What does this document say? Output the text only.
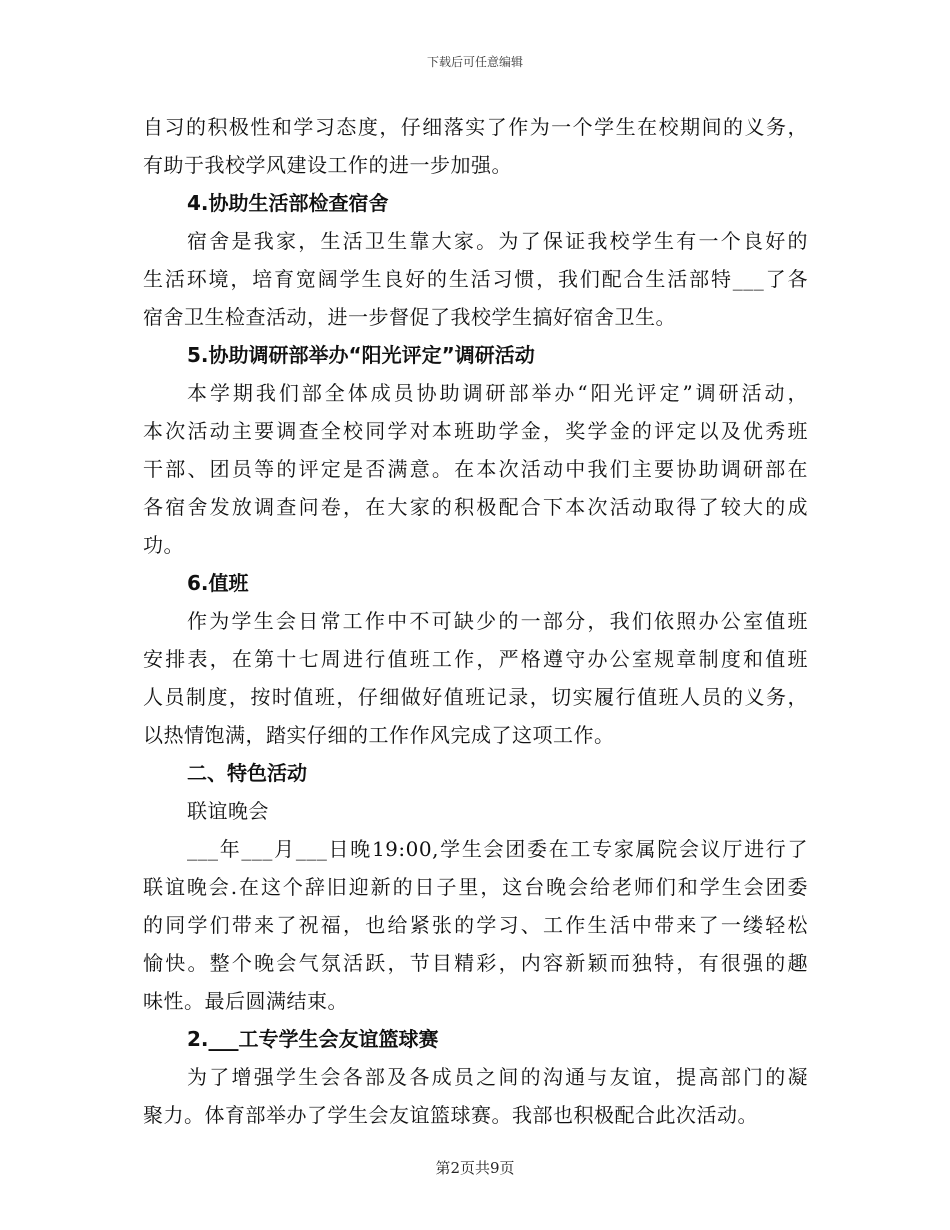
下载后可任意编辑
自习的积极性和学习态度，仔细落实了作为一个学生在校期间的义务，
有助于我校学风建设工作的进一步加强。
4.协助生活部检查宿舍
宿舍是我家，生活卫生靠大家。为了保证我校学生有一个良好的
生活环境，培育宽阔学生良好的生活习惯，我们配合生活部特___了各
宿舍卫生检查活动，进一步督促了我校学生搞好宿舍卫生。
5.协助调研部举办“阳光评定”调研活动
本学期我们部全体成员协助调研部举办“阳光评定”调研活动，
本次活动主要调查全校同学对本班助学金，奖学金的评定以及优秀班
干部、团员等的评定是否满意。在本次活动中我们主要协助调研部在
各宿舍发放调查问卷，在大家的积极配合下本次活动取得了较大的成
功。
6.值班
作为学生会日常工作中不可缺少的一部分，我们依照办公室值班
安排表，在第十七周进行值班工作，严格遵守办公室规章制度和值班
人员制度，按时值班，仔细做好值班记录，切实履行值班人员的义务，
以热情饱满，踏实仔细的工作作风完成了这项工作。
二、特色活动
联谊晚会
___年___月___日晚19:00,学生会团委在工专家属院会议厅进行了
联谊晚会.在这个辞旧迎新的日子里，这台晚会给老师们和学生会团委
的同学们带来了祝福，也给紧张的学习、工作生活中带来了一缕轻松
愉快。整个晚会气氛活跃，节目精彩，内容新颖而独特，有很强的趣
味性。最后圆满结束。
2.___工专学生会友谊篮球赛
为了增强学生会各部及各成员之间的沟通与友谊，提高部门的凝
聚力。体育部举办了学生会友谊篮球赛。我部也积极配合此次活动。
第2页共9页
